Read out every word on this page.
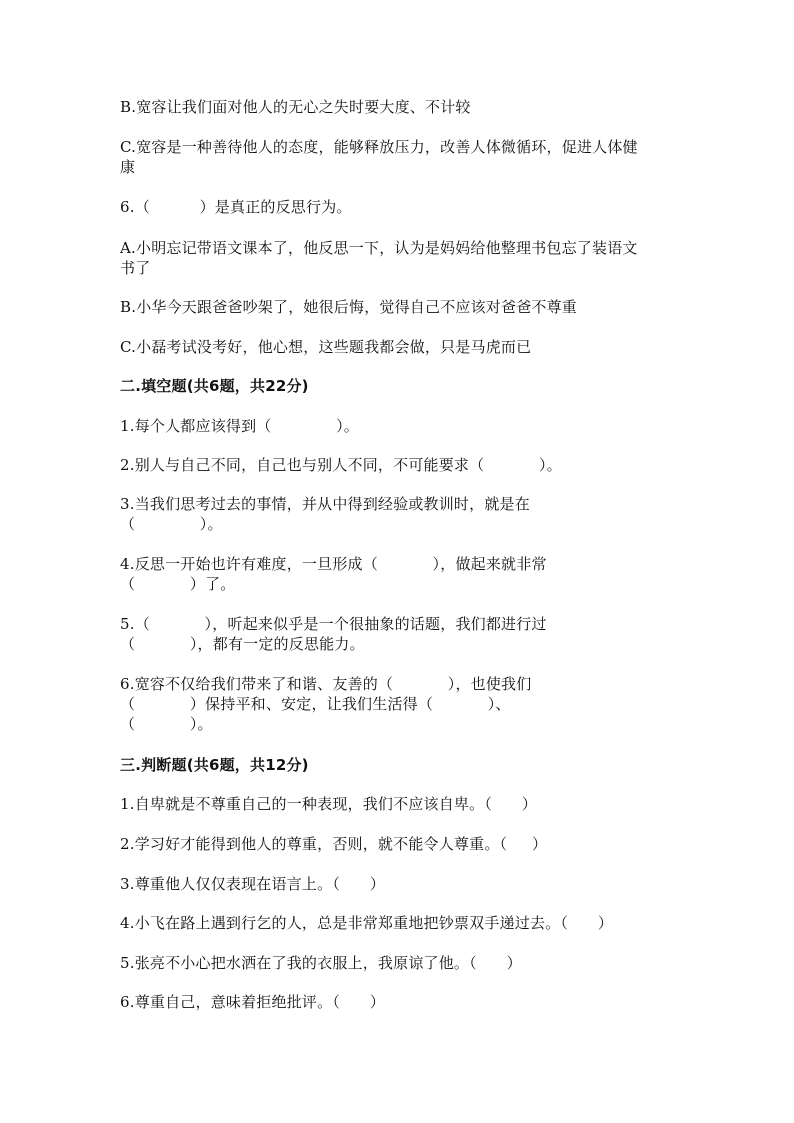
B.宽容让我们面对他人的无心之失时要大度、不计较
C.宽容是一种善待他人的态度，能够释放压力，改善人体微循环，促进人体健
康
6.（          ）是真正的反思行为。
A.小明忘记带语文课本了，他反思一下，认为是妈妈给他整理书包忘了装语文
书了
B.小华今天跟爸爸吵架了，她很后悔，觉得自己不应该对爸爸不尊重
C.小磊考试没考好，他心想，这些题我都会做，只是马虎而已
二.填空题(共6题，共22分)
1.每个人都应该得到（             ）。
2.别人与自己不同，自己也与别人不同，不可能要求（           ）。
3.当我们思考过去的事情，并从中得到经验或教训时，就是在
（             ）。
4.反思一开始也许有难度，一旦形成（           ），做起来就非常
（           ）了。
5.（           ），听起来似乎是一个很抽象的话题，我们都进行过
（           ），都有一定的反思能力。
6.宽容不仅给我们带来了和谐、友善的（           ），也使我们
（           ）保持平和、安定，让我们生活得（           ）、
（           ）。
三.判断题(共6题，共12分)
1.自卑就是不尊重自己的一种表现，我们不应该自卑。（      ）
2.学习好才能得到他人的尊重，否则，就不能令人尊重。（     ）
3.尊重他人仅仅表现在语言上。（      ）
4.小飞在路上遇到行乞的人，总是非常郑重地把钞票双手递过去。（      ）
5.张亮不小心把水洒在了我的衣服上，我原谅了他。（      ）
6.尊重自己，意味着拒绝批评。（      ）
